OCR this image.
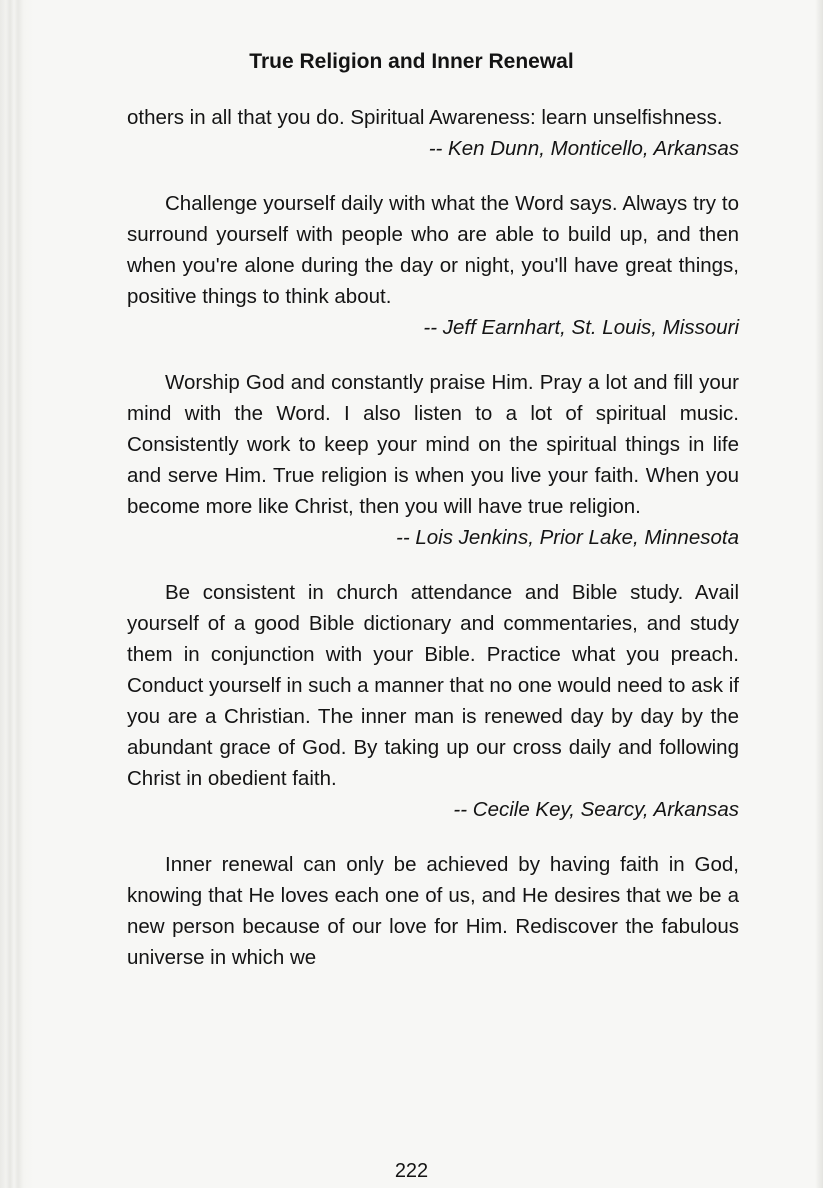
True Religion and Inner Renewal

others in all that you do. Spiritual Awareness: learn unselfishness.

-- Ken Dunn, Monticello, Arkansas

Challenge yourself daily with what the Word says. Always try to surround yourself with people who are able to build up, and then when you're alone during the day or night, you'll have great things, positive things to think about.

-- Jeff Earnhart, St. Louis, Missouri

Worship God and constantly praise Him. Pray a lot and fill your mind with the Word. I also listen to a lot of spiritual music. Consistently work to keep your mind on the spiritual things in life and serve Him. True religion is when you live your faith. When you become more like Christ, then you will have true religion.

-- Lois Jenkins, Prior Lake, Minnesota

Be consistent in church attendance and Bible study. Avail yourself of a good Bible dictionary and commentaries, and study them in conjunction with your Bible. Practice what you preach. Conduct yourself in such a manner that no one would need to ask if you are a Christian. The inner man is renewed day by day by the abundant grace of God. By taking up our cross daily and following Christ in obedient faith.

-- Cecile Key, Searcy, Arkansas

Inner renewal can only be achieved by having faith in God, knowing that He loves each one of us, and He desires that we be a new person because of our love for Him. Rediscover the fabulous universe in which we

222
